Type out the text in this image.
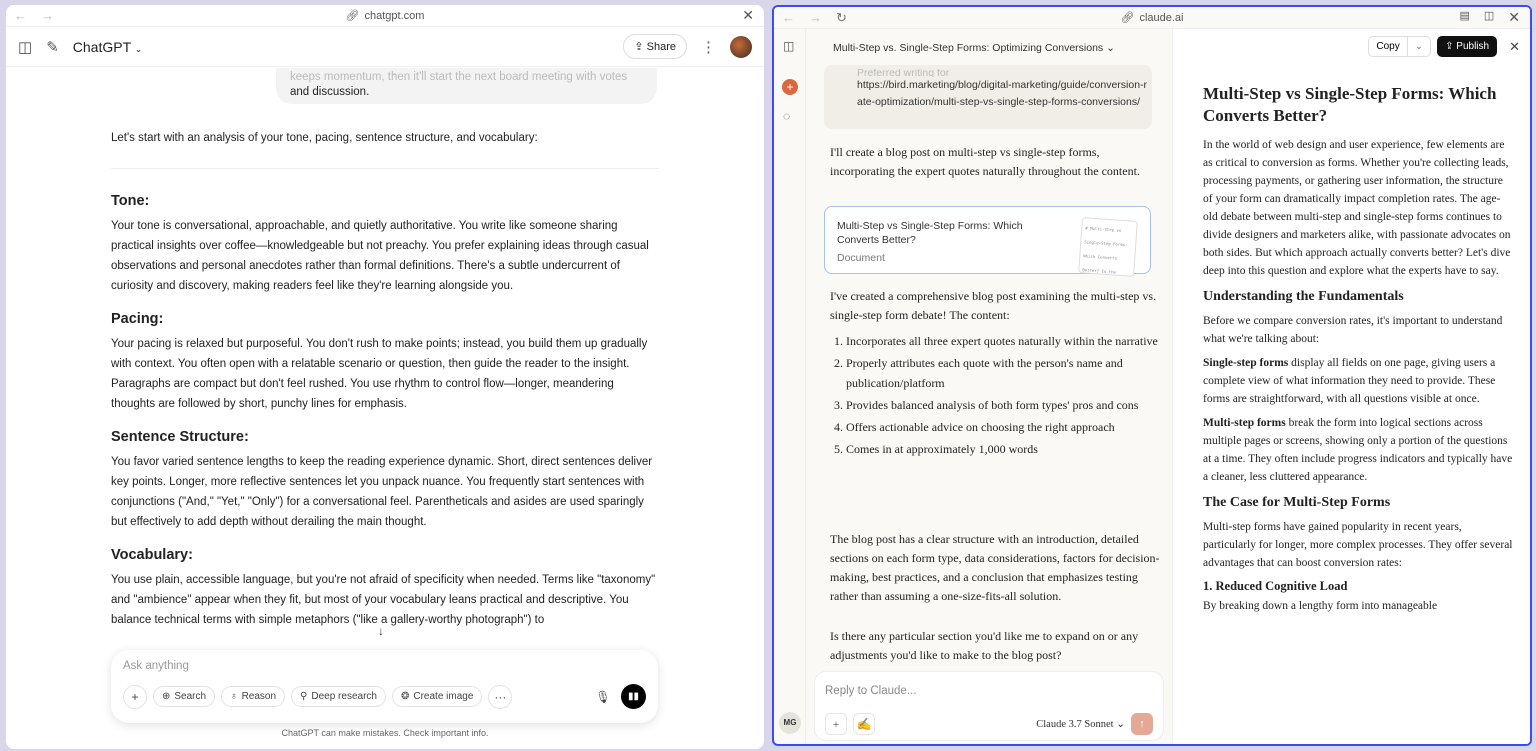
← →	🔗︎ chatgpt.com	✕
◫ ✎ ChatGPT ⌄	⇪ Share	⋮
keeps momentum, then it'll start the next board meeting with votes
and discussion.

Let's start with an analysis of your tone, pacing, sentence structure, and vocabulary:

Tone:

Your tone is conversational, approachable, and quietly authoritative. You write like someone sharing practical insights over coffee—knowledgeable but not preachy. You prefer explaining ideas through casual observations and personal anecdotes rather than formal definitions. There's a subtle undercurrent of curiosity and discovery, making readers feel like they're learning alongside you.

Pacing:

Your pacing is relaxed but purposeful. You don't rush to make points; instead, you build them up gradually with context. You often open with a relatable scenario or question, then guide the reader to the insight. Paragraphs are compact but don't feel rushed. You use rhythm to control flow—longer, meandering thoughts are followed by short, punchy lines for emphasis.

Sentence Structure:

You favor varied sentence lengths to keep the reading experience dynamic. Short, direct sentences deliver key points. Longer, more reflective sentences let you unpack nuance. You frequently start sentences with conjunctions ("And," "Yet," "Only") for a conversational feel. Parentheticals and asides are used sparingly but effectively to add depth without derailing the main thought.

Vocabulary:

You use plain, accessible language, but you're not afraid of specificity when needed. Terms like "taxonomy" and "ambience" appear when they fit, but most of your vocabulary leans practical and descriptive. You balance technical terms with simple metaphors ("like a gallery-worthy photograph") to

↓
Ask anything
+	⊕ Search ♁ Reason ⚲ Deep research ❂ Create image	···	🎙︎	▮▮
ChatGPT can make mistakes. Check important info.
← → ↻	🔗︎ claude.ai	▤ ◫ ✕
◫
+
◌
MG
Multi-Step vs. Single-Step Forms: Optimizing Conversions ⌄
Preferred writing for
https://bird.marketing/blog/digital-marketing/guide/conversion-rate-optimization/multi-step-vs-single-step-forms-conversions/

I'll create a blog post on multi-step vs single-step forms, incorporating the expert quotes naturally throughout the content.

Multi-Step vs Single-Step Forms: Which Converts Better?
Document
# Multi-Step vs Single-Step Forms: Which Converts Better? In the

I've created a comprehensive blog post examining the multi-step vs. single-step form debate! The content:

1. Incorporates all three expert quotes naturally within the narrative
2. Properly attributes each quote with the person's name and publication/platform
3. Provides balanced analysis of both form types' pros and cons
4. Offers actionable advice on choosing the right approach
5. Comes in at approximately 1,000 words

The blog post has a clear structure with an introduction, detailed sections on each form type, data considerations, factors for decision-making, best practices, and a conclusion that emphasizes testing rather than assuming a one-size-fits-all solution.

Is there any particular section you'd like me to expand on or any adjustments you'd like to make to the blog post?

Reply to Claude...
+	✍	Claude 3.7 Sonnet ⌄	↑
Copy	⌄	⇪ Publish	✕
Multi-Step vs Single-Step Forms: Which Converts Better?

In the world of web design and user experience, few elements are as critical to conversion as forms. Whether you're collecting leads, processing payments, or gathering user information, the structure of your form can dramatically impact completion rates. The age-old debate between multi-step and single-step forms continues to divide designers and marketers alike, with passionate advocates on both sides. But which approach actually converts better? Let's dive deep into this question and explore what the experts have to say.

Understanding the Fundamentals

Before we compare conversion rates, it's important to understand what we're talking about:

Single-step forms display all fields on one page, giving users a complete view of what information they need to provide. These forms are straightforward, with all questions visible at once.

Multi-step forms break the form into logical sections across multiple pages or screens, showing only a portion of the questions at a time. They often include progress indicators and typically have a cleaner, less cluttered appearance.

The Case for Multi-Step Forms

Multi-step forms have gained popularity in recent years, particularly for longer, more complex processes. They offer several advantages that can boost conversion rates:

1. Reduced Cognitive Load

By breaking down a lengthy form into manageable
